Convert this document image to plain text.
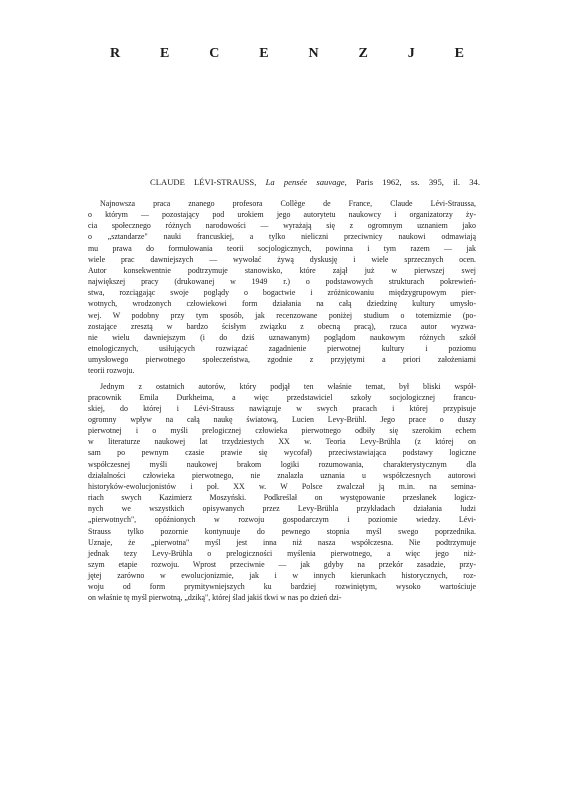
R	E	C	E	N	Z	J	E
CLAUDE LÉVI-STRAUSS, La pensée sauvage, Paris 1962, ss. 395, il. 34.
Najnowsza praca znanego profesora Collège de France, Claude Lévi-Straussa,
o którym — pozostający pod urokiem jego autorytetu naukowcy i organizatorzy ży-
cia społecznego różnych narodowości — wyrażają się z ogromnym uznaniem jako
o „sztandarze" nauki francuskiej, a tylko nieliczni przeciwnicy naukowi odmawiają
mu prawa do formułowania teorii socjologicznych, powinna i tym razem — jak
wiele prac dawniejszych — wywołać żywą dyskusję i wiele sprzecznych ocen.
Autor konsekwentnie podtrzymuje stanowisko, które zajął już w pierwszej swej
największej pracy (drukowanej w 1949 r.) o podstawowych strukturach pokrewień-
stwa, rozciągając swoje poglądy o bogactwie i zróżnicowaniu międzygrupowym pier-
wotnych, wrodzonych człowiekowi form działania na całą dziedzinę kultury umysło-
wej. W podobny przy tym sposób, jak recenzowane poniżej studium o totemizmie (po-
zostające zresztą w bardzo ścisłym związku z obecną pracą), rzuca autor wyzwa-
nie wielu dawniejszym (i do dziś uznawanym) poglądom naukowym różnych szkół
etnologicznych, usiłujących rozwiązać zagadnienie pierwotnej kultury i poziomu
umysłowego pierwotnego społeczeństwa, zgodnie z przyjętymi a priori założeniami
teorii rozwoju.
Jednym z ostatnich autorów, który podjął ten właśnie temat, był bliski współ-
pracownik Emila Durkheima, a więc przedstawiciel szkoły socjologicznej francu-
skiej, do której i Lévi-Strauss nawiązuje w swych pracach i której przypisuje
ogromny wpływ na całą naukę światową, Lucien Levy-Brühl. Jego prace o duszy
pierwotnej i o myśli prelogicznej człowieka pierwotnego odbiły się szerokim echem
w literaturze naukowej lat trzydziestych XX w. Teoria Levy-Brühla (z której on
sam po pewnym czasie prawie się wycofał) przeciwstawiająca podstawy logiczne
współczesnej myśli naukowej brakom logiki rozumowania, charakterystycznym dla
działalności człowieka pierwotnego, nie znalazła uznania u współczesnych autorowi
historyków-ewolucjonistów i poł. XX w. W Polsce zwalczał ją m.in. na semina-
riach swych Kazimierz Moszyński. Podkreślał on występowanie przesłanek logicz-
nych we wszystkich opisywanych przez Levy-Brühla przykładach działania ludzi
„pierwotnych", opóźnionych w rozwoju gospodarczym i poziomie wiedzy. Lévi-
Strauss tylko pozornie kontynuuje do pewnego stopnia myśl swego poprzednika.
Uznaje, że „pierwotna" myśl jest inna niż nasza współczesna. Nie podtrzymuje
jednak tezy Levy-Brühla o prelogiczności myślenia pierwotnego, a więc jego niż-
szym etapie rozwoju. Wprost przeciwnie — jak gdyby na przekór zasadzie, przy-
jętej zarówno w ewolucjonizmie, jak i w innych kierunkach historycznych, roz-
woju od form prymitywniejszych ku bardziej rozwiniętym, wysoko wartościuje
on właśnie tę myśl pierwotną, „dziką", której ślad jakiś tkwi w nas po dzień dzi-
